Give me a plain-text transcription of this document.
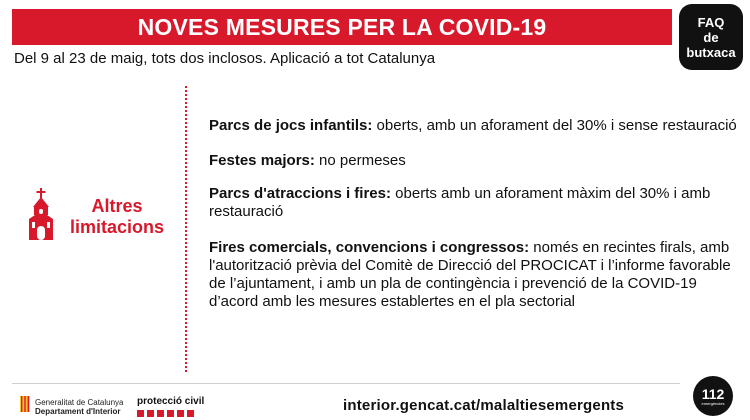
NOVES MESURES PER LA COVID-19	FAQ
de
butxaca
Del 9 al 23 de maig, tots dos inclosos. Aplicació a tot Catalunya
Altres
limitacions
Parcs de jocs infantils: oberts, amb un aforament del 30% i sense restauració
Festes majors: no permeses
Parcs d'atraccions i fires: oberts amb un aforament màxim del 30% i amb restauració
Fires comercials, convencions i congressos: només en recintes firals, amb l'autorització prèvia del Comitè de Direcció del PROCICAT i l’informe favorable de l’ajuntament, i amb un pla de contingència i prevenció de la COVID-19 d’acord amb les mesures establertes en el pla sectorial
Generalitat de Catalunya
Departament d'Interior
protecció civil	interior.gencat.cat/malaltiesemergents
112
emergències
